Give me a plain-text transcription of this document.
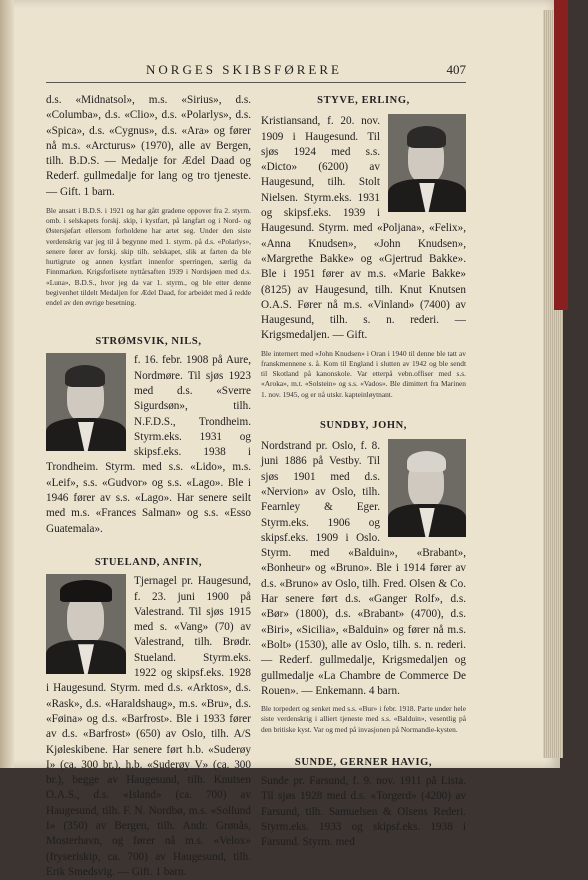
NORGES SKIBSFØRERE	407

d.s. «Midnatsol», m.s. «Sirius», d.s. «Columba», d.s. «Clio», d.s. «Polarlys», d.s. «Spica», d.s. «Cygnus», d.s. «Ara» og fører nå m.s. «Arcturus» (1970), alle av Bergen, tilh. B.D.S. — Medalje for Ædel Daad og Rederf. gullmedalje for lang og tro tjeneste. — Gift. 1 barn.

Ble ansatt i B.D.S. i 1921 og har gått gradene oppover fra 2. styrm. omb. i selskapets forskj. skip, i kystfart, på langfart og i Nord- og Østersjøfart ellersom forholdene har artet seg. Under den siste verdenskrig var jeg til å begynne med 1. styrm. på d.s. «Polarlys», senere fører av forskj. skip tilh. selskapet, slik at farten da ble hurtigrute og annen kystfart innenfor sperringen, særlig da Finnmarken. Krigsforlisete nyttårsaften 1939 i Nordsjøen med d.s. «Luna», B.D.S., hvor jeg da var 1. styrm., og ble etter denne begivenhet tildelt Medaljen for Ædel Daad, for arbeidet med å redde endel av den øvrige besetning.

STRØMSVIK, NILS,

f. 16. febr. 1908 på Aure, Nordmøre. Til sjøs 1923 med d.s. «Sverre Sigurdsøn», tilh. N.F.D.S., Trondheim. Styrm.eks. 1931 og skipsf.eks. 1938 i Trondheim. Styrm. med s.s. «Lido», m.s. «Leif», s.s. «Gudvor» og s.s. «Lago». Ble i 1946 fører av s.s. «Lago». Har senere seilt med m.s. «Frances Salman» og s.s. «Esso Guatemala».

STUELAND, ANFIN,

Tjernagel pr. Haugesund, f. 23. juni 1900 på Valestrand. Til sjøs 1915 med s. «Vang» (70) av Valestrand, tilh. Brødr. Stueland. Styrm.eks. 1922 og skipsf.eks. 1928 i Haugesund. Styrm. med d.s. «Arktos», d.s. «Rask», d.s. «Haraldshaug», m.s. «Bru», d.s. «Føina» og d.s. «Barfrost». Ble i 1933 fører av d.s. «Barfrost» (650) av Oslo, tilh. A/S Kjøleskibene. Har senere ført h.b. «Suderøy I» (ca. 300 br.), h.b. «Suderøy V» (ca. 300 br.), begge av Haugesund, tilh. Knutsen O.A.S., d.s. «Island» (ca. 700) av Haugesund, tilh. F. N. Nordbø, m.s. «Sollund I» (350) av Bergen, tilh. Andr. Grønås, Mosterhavn, og fører nå m.s. «Velox» (fryseriskip, ca. 700) av Haugesund, tilh. Erik Smedsvig. — Gift. 1 barn.

STYVE, ERLING,

Kristiansand, f. 20. nov. 1909 i Haugesund. Til sjøs 1924 med s.s. «Dicto» (6200) av Haugesund, tilh. Stolt Nielsen. Styrm.eks. 1931 og skipsf.eks. 1939 i Haugesund. Styrm. med «Poljana», «Felix», «Anna Knudsen», «John Knudsen», «Margrethe Bakke» og «Gjertrud Bakke». Ble i 1951 fører av m.s. «Marie Bakke» (8125) av Haugesund, tilh. Knut Knutsen O.A.S. Fører nå m.s. «Vinland» (7400) av Haugesund, tilh. s. n. rederi. — Krigsmedaljen. — Gift.

Ble internert med «John Knudsen» i Oran i 1940 til denne ble tatt av franskmennene s. å. Kom til England i slutten av 1942 og ble sendt til Skotland på kanonskole. Var etterpå vebn.offiser med s.s. «Aroka», m.t. «Solstein» og s.s. «Vados». Ble dimittert fra Marinen 1. nov. 1945, og er nå utskr. kapteinløytnant.

SUNDBY, JOHN,

Nordstrand pr. Oslo, f. 8. juni 1886 på Vestby. Til sjøs 1901 med d.s. «Nervion» av Oslo, tilh. Fearnley & Eger. Styrm.eks. 1906 og skipsf.eks. 1909 i Oslo. Styrm. med «Balduin», «Brabant», «Bonheur» og «Bruno». Ble i 1914 fører av d.s. «Bruno» av Oslo, tilh. Fred. Olsen & Co. Har senere ført d.s. «Ganger Rolf», d.s. «Bør» (1800), d.s. «Brabant» (4700), d.s. «Biri», «Sicilia», «Balduin» og fører nå m.s. «Bolt» (1530), alle av Oslo, tilh. s. n. rederi. — Rederf. gullmedalje, Krigsmedaljen og gullmedalje «La Chambre de Commerce De Rouen». — Enkemann. 4 barn.

Ble torpedert og senket med s.s. «Bur» i febr. 1918. Parte under hele siste verdenskrig i alliert tjeneste med s.s. «Balduin», vesentlig på den britiske kyst. Var og med på invasjonen på Normandie-kysten.

SUNDE, GERNER HAVIG,

Sunde pr. Farsund, f. 9. nov. 1911 på Lista. Til sjøs 1928 med d.s. «Torgerd» (4200) av Farsund, tilh. Samuelsen & Olsens Rederi. Styrm.eks. 1933 og skipsf.eks. 1938 i Farsund. Styrm. med
